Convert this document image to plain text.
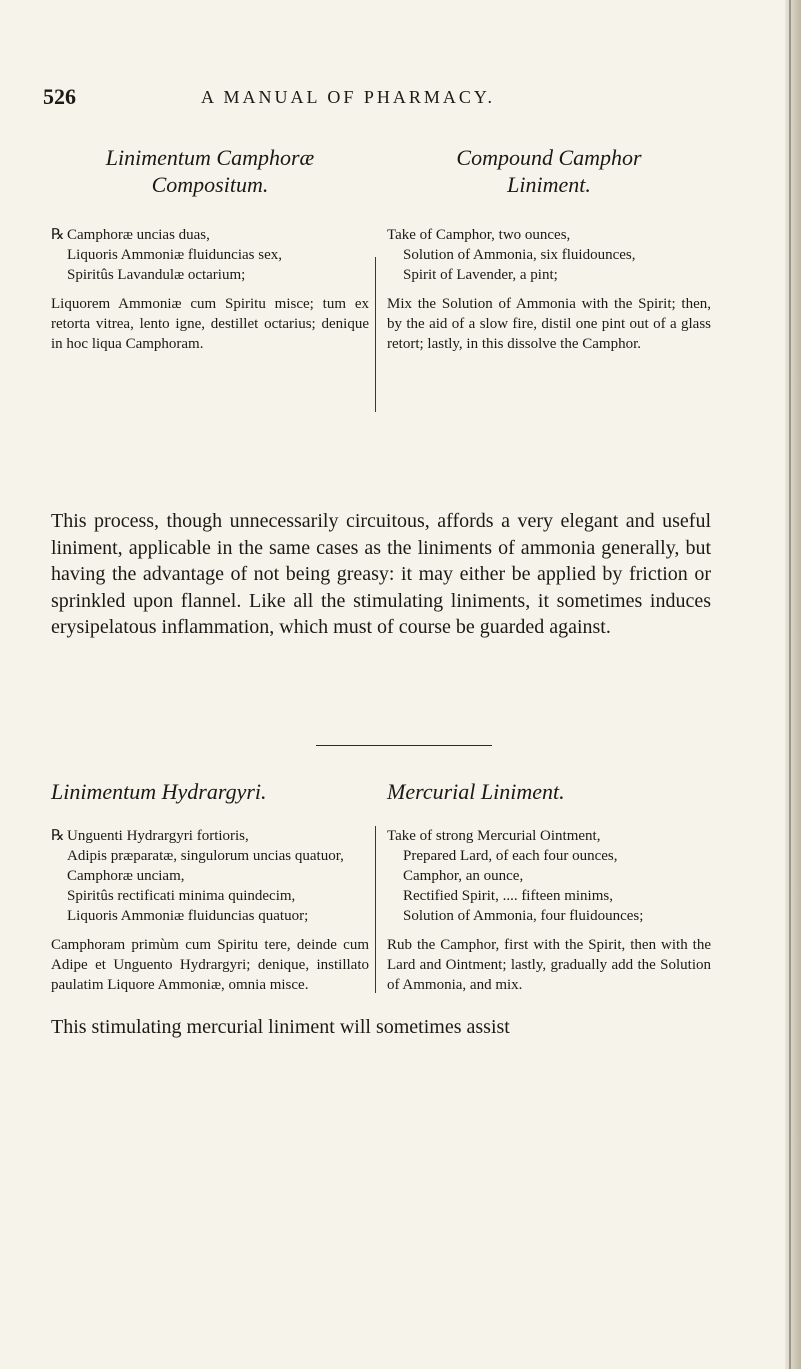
526	A MANUAL OF PHARMACY.
Linimentum Camphoræ
Compositum.
℞ Camphoræ uncias duas,
Liquoris Ammoniæ fluiduncias sex,
Spiritûs Lavandulæ octarium;
Liquorem Ammoniæ cum Spiritu misce; tum ex retorta vitrea, lento igne, destillet octarius; denique in hoc liqua Camphoram.
Compound Camphor
Liniment.
Take of Camphor, two ounces,
Solution of Ammonia, six fluidounces,
Spirit of Lavender, a pint;
Mix the Solution of Ammonia with the Spirit; then, by the aid of a slow fire, distil one pint out of a glass retort; lastly, in this dissolve the Camphor.
This process, though unnecessarily circuitous, affords a very elegant and useful liniment, applicable in the same cases as the liniments of ammonia generally, but having the advantage of not being greasy: it may either be applied by friction or sprinkled upon flannel. Like all the stimulating liniments, it sometimes induces erysipelatous inflammation, which must of course be guarded against.
Linimentum Hydrargyri.
℞ Unguenti Hydrargyri fortioris,
Adipis præparatæ, singulorum uncias quatuor,
Camphoræ unciam,
Spiritûs rectificati minima quindecim,
Liquoris Ammoniæ fluiduncias quatuor;
Camphoram primùm cum Spiritu tere, deinde cum Adipe et Unguento Hydrargyri; denique, instillato paulatim Liquore Ammoniæ, omnia misce.
Mercurial Liniment.
Take of strong Mercurial Ointment,
Prepared Lard, of each four ounces,
Camphor, an ounce,
Rectified Spirit, .... fifteen minims,
Solution of Ammonia, four fluidounces;
Rub the Camphor, first with the Spirit, then with the Lard and Ointment; lastly, gradually add the Solution of Ammonia, and mix.
This stimulating mercurial liniment will sometimes assist
